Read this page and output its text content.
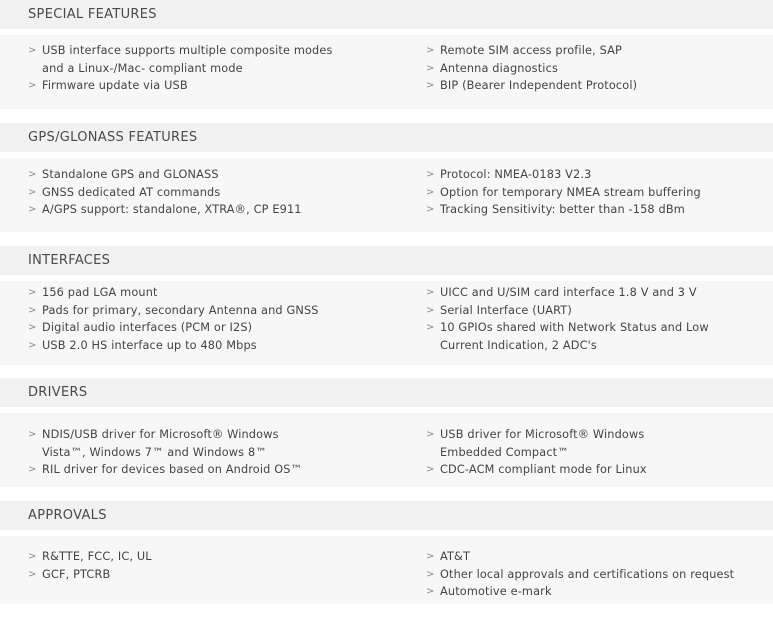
SPECIAL FEATURES
> USB interface supports multiple composite modes and a Linux-/Mac- compliant mode
> Firmware update via USB
> Remote SIM access profile, SAP
> Antenna diagnostics
> BIP (Bearer Independent Protocol)
GPS/GLONASS FEATURES
> Standalone GPS and GLONASS
> GNSS dedicated AT commands
> A/GPS support: standalone, XTRA®, CP E911
> Protocol: NMEA-0183 V2.3
> Option for temporary NMEA stream buffering
> Tracking Sensitivity: better than -158 dBm
INTERFACES
> 156 pad LGA mount
> Pads for primary, secondary Antenna and GNSS
> Digital audio interfaces (PCM or I2S)
> USB 2.0 HS interface up to 480 Mbps
> UICC and U/SIM card interface 1.8 V and 3 V
> Serial Interface (UART)
> 10 GPIOs shared with Network Status and Low Current Indication, 2 ADC's
DRIVERS
> NDIS/USB driver for Microsoft® Windows Vista™, Windows 7™ and Windows 8™
> RIL driver for devices based on Android OS™
> USB driver for Microsoft® Windows Embedded Compact™
> CDC-ACM compliant mode for Linux
APPROVALS
> R&TTE, FCC, IC, UL
> GCF, PTCRB
> AT&T
> Other local approvals and certifications on request
> Automotive e-mark
